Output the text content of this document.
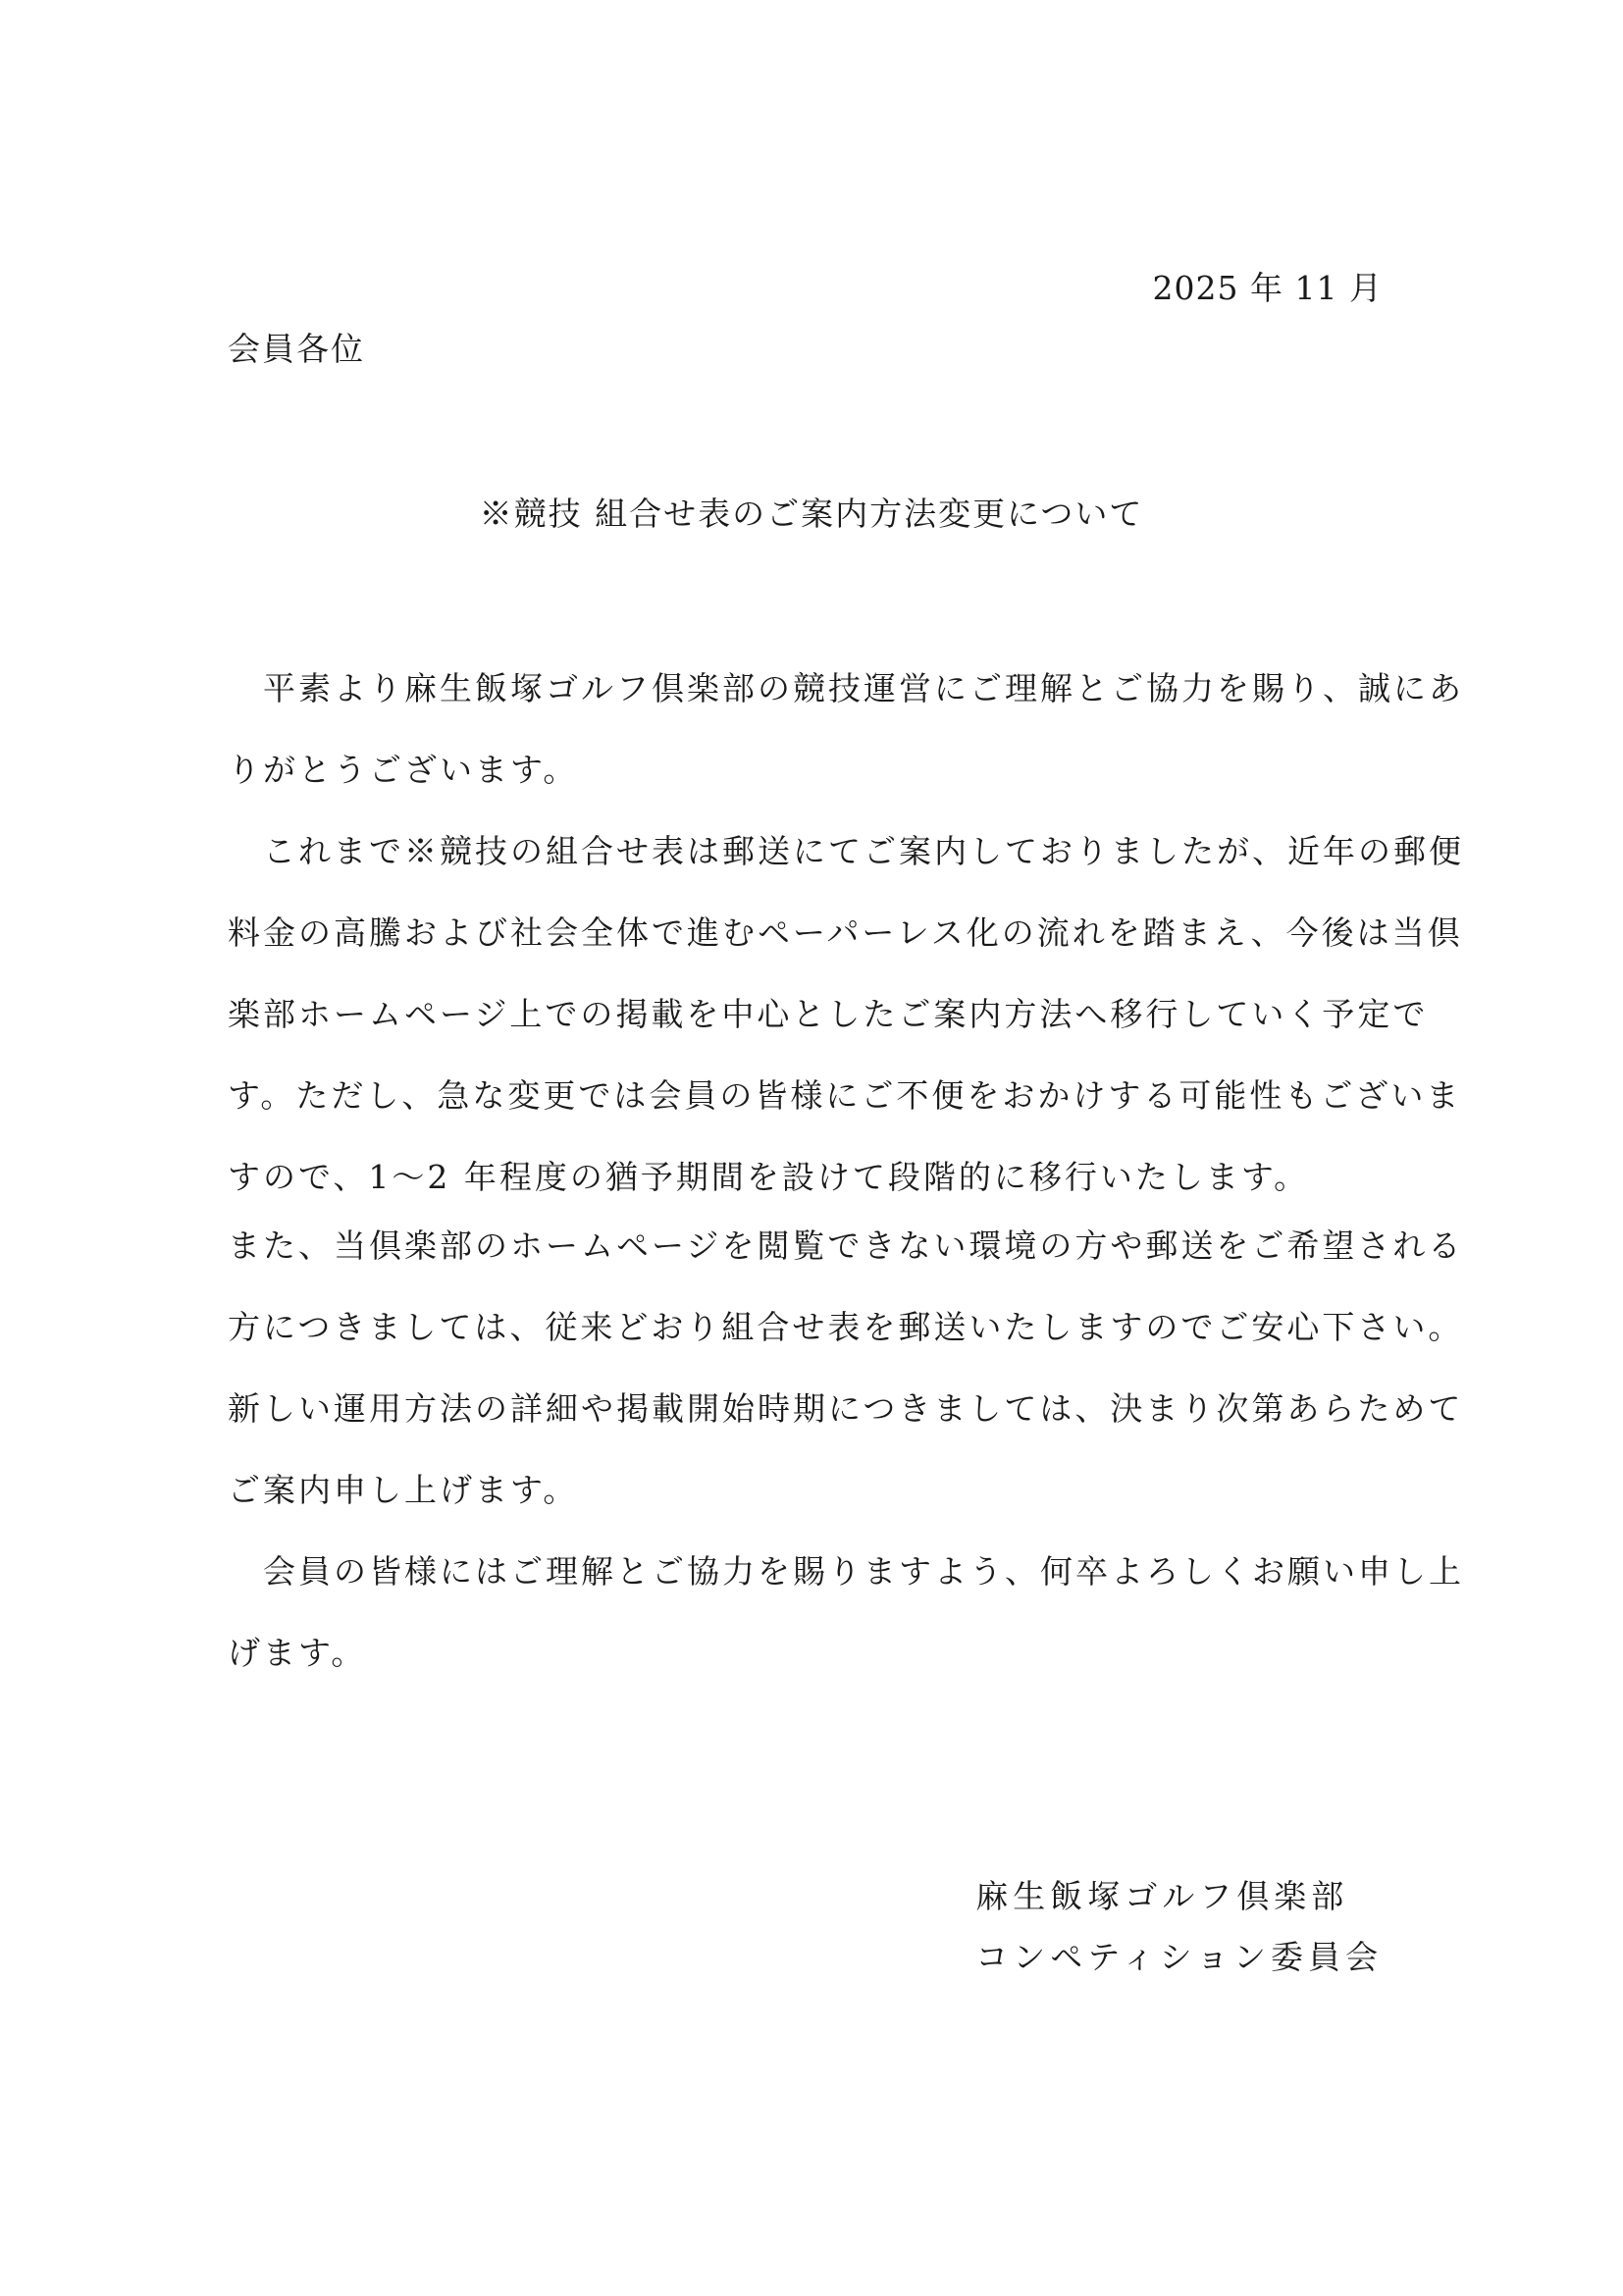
2025 年 11 月
会員各位
※競技 組合せ表のご案内方法変更について
平素より麻生飯塚ゴルフ倶楽部の競技運営にご理解とご協力を賜り、誠にあ
りがとうございます。
これまで※競技の組合せ表は郵送にてご案内しておりましたが、近年の郵便
料金の高騰および社会全体で進むペーパーレス化の流れを踏まえ、今後は当倶
楽部ホームページ上での掲載を中心としたご案内方法へ移行していく予定で
す。ただし、急な変更では会員の皆様にご不便をおかけする可能性もございま
すので、1〜2 年程度の猶予期間を設けて段階的に移行いたします。
また、当倶楽部のホームページを閲覧できない環境の方や郵送をご希望される
方につきましては、従来どおり組合せ表を郵送いたしますのでご安心下さい。
新しい運用方法の詳細や掲載開始時期につきましては、決まり次第あらためて
ご案内申し上げます。
会員の皆様にはご理解とご協力を賜りますよう、何卒よろしくお願い申し上
げます。
麻生飯塚ゴルフ倶楽部
コンペティション委員会
